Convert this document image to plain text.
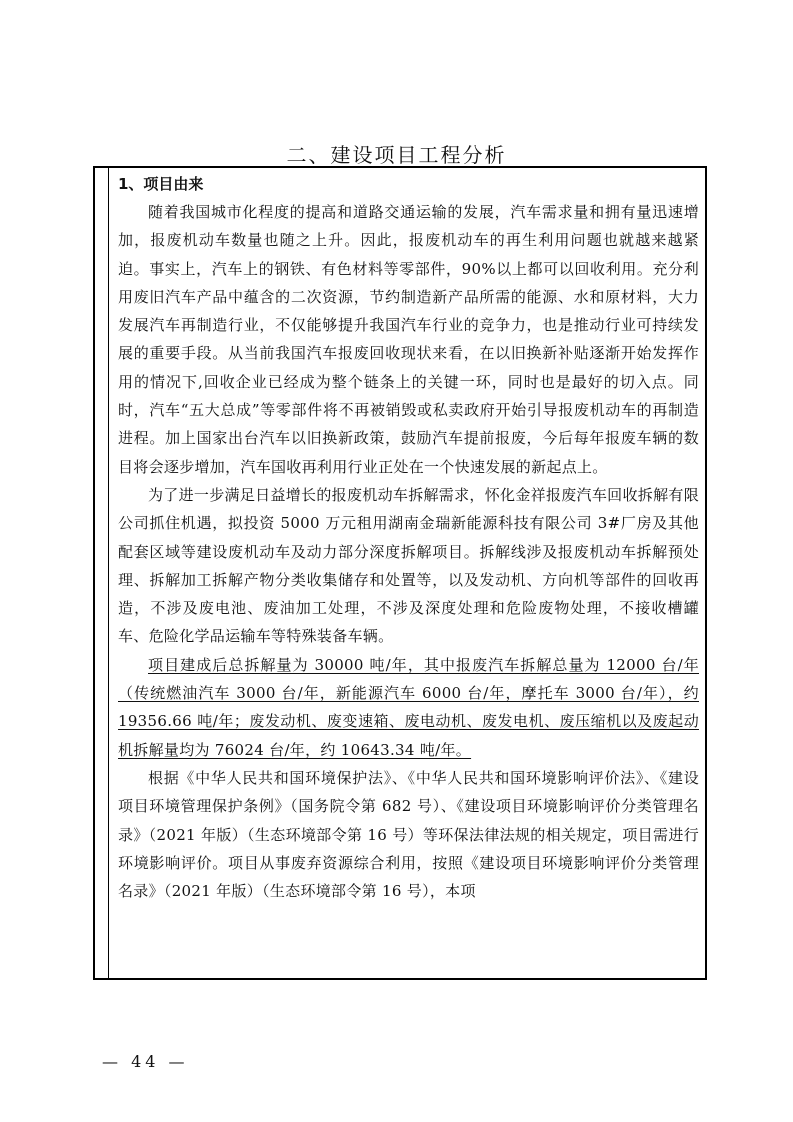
二、建设项目工程分析

1、项目由来

随着我国城市化程度的提高和道路交通运输的发展，汽车需求量和拥有量迅速增加，报废机动车数量也随之上升。因此，报废机动车的再生利用问题也就越来越紧迫。事实上，汽车上的钢铁、有色材料等零部件，90%以上都可以回收利用。充分利用废旧汽车产品中蕴含的二次资源，节约制造新产品所需的能源、水和原材料，大力发展汽车再制造行业，不仅能够提升我国汽车行业的竞争力，也是推动行业可持续发展的重要手段。从当前我国汽车报废回收现状来看，在以旧换新补贴逐渐开始发挥作用的情况下,回收企业已经成为整个链条上的关键一环，同时也是最好的切入点。同时，汽车“五大总成”等零部件将不再被销毁或私卖政府开始引导报废机动车的再制造进程。加上国家出台汽车以旧换新政策，鼓励汽车提前报废，今后每年报废车辆的数目将会逐步增加，汽车国收再利用行业正处在一个快速发展的新起点上。

为了进一步满足日益增长的报废机动车拆解需求，怀化金祥报废汽车回收拆解有限公司抓住机遇，拟投资 5000 万元租用湖南金瑞新能源科技有限公司 3#厂房及其他配套区域等建设废机动车及动力部分深度拆解项目。拆解线涉及报废机动车拆解预处理、拆解加工拆解产物分类收集储存和处置等，以及发动机、方向机等部件的回收再造，不涉及废电池、废油加工处理，不涉及深度处理和危险废物处理，不接收槽罐车、危险化学品运输车等特殊装备车辆。

项目建成后总拆解量为 30000 吨/年，其中报废汽车拆解总量为 12000 台/年（传统燃油汽车 3000 台/年，新能源汽车 6000 台/年，摩托车 3000 台/年），约 19356.66 吨/年；废发动机、废变速箱、废电动机、废发电机、废压缩机以及废起动机拆解量均为 76024 台/年，约 10643.34 吨/年。

根据《中华人民共和国环境保护法》、《中华人民共和国环境影响评价法》、《建设项目环境管理保护条例》（国务院令第 682 号）、《建设项目环境影响评价分类管理名录》（2021 年版）（生态环境部令第 16 号）等环保法律法规的相关规定，项目需进行环境影响评价。项目从事废弃资源综合利用，按照《建设项目环境影响评价分类管理名录》（2021 年版）（生态环境部令第 16 号），本项

— 44 —
